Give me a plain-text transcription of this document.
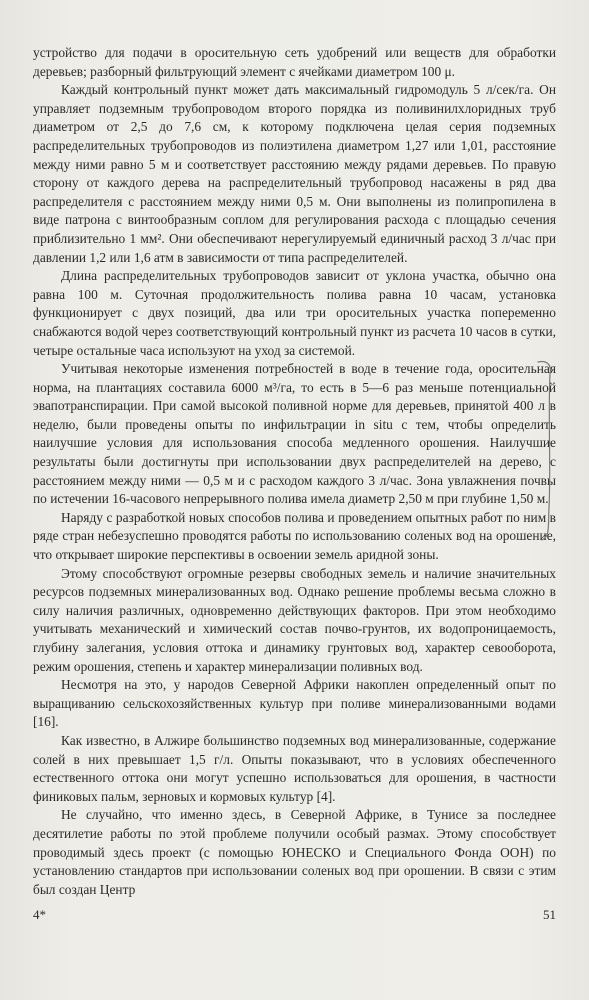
устройство для подачи в оросительную сеть удобрений или веществ для обработки деревьев; разборный фильтрующий элемент с ячейками диаметром 100 μ.

Каждый контрольный пункт может дать максимальный гидромодуль 5 л/сек/га. Он управляет подземным трубопроводом второго порядка из поливинилхлоридных труб диаметром от 2,5 до 7,6 см, к которому подключена целая серия подземных распределительных трубопроводов из полиэтилена диаметром 1,27 или 1,01, расстояние между ними равно 5 м и соответствует расстоянию между рядами деревьев. По правую сторону от каждого дерева на распределительный трубопровод насажены в ряд два распределителя с расстоянием между ними 0,5 м. Они выполнены из полипропилена в виде патрона с винтообразным соплом для регулирования расхода с площадью сечения приблизительно 1 мм². Они обеспечивают нерегулируемый единичный расход 3 л/час при давлении 1,2 или 1,6 атм в зависимости от типа распределителей.

Длина распределительных трубопроводов зависит от уклона участка, обычно она равна 100 м. Суточная продолжительность полива равна 10 часам, установка функционирует с двух позиций, два или три оросительных участка попеременно снабжаются водой через соответствующий контрольный пункт из расчета 10 часов в сутки, четыре остальные часа используют на уход за системой.

Учитывая некоторые изменения потребностей в воде в течение года, оросительная норма, на плантациях составила 6000 м³/га, то есть в 5—6 раз меньше потенциальной эвапотранспирации. При самой высокой поливной норме для деревьев, принятой 400 л в неделю, были проведены опыты по инфильтрации in situ с тем, чтобы определить наилучшие условия для использования способа медленного орошения. Наилучшие результаты были достигнуты при использовании двух распределителей на дерево, с расстоянием между ними — 0,5 м и с расходом каждого 3 л/час. Зона увлажнения почвы по истечении 16-часового непрерывного полива имела диаметр 2,50 м при глубине 1,50 м.

Наряду с разработкой новых способов полива и проведением опытных работ по ним в ряде стран небезуспешно проводятся работы по использованию соленых вод на орошение, что открывает широкие перспективы в освоении земель аридной зоны.

Этому способствуют огромные резервы свободных земель и наличие значительных ресурсов подземных минерализованных вод. Однако решение проблемы весьма сложно в силу наличия различных, одновременно действующих факторов. При этом необходимо учитывать механический и химический состав почво-грунтов, их водопроницаемость, глубину залегания, условия оттока и динамику грунтовых вод, характер севооборота, режим орошения, степень и характер минерализации поливных вод.

Несмотря на это, у народов Северной Африки накоплен определенный опыт по выращиванию сельскохозяйственных культур при поливе минерализованными водами [16].

Как известно, в Алжире большинство подземных вод минерализованные, содержание солей в них превышает 1,5 г/л. Опыты показывают, что в условиях обеспеченного естественного оттока они могут успешно использоваться для орошения, в частности финиковых пальм, зерновых и кормовых культур [4].

Не случайно, что именно здесь, в Северной Африке, в Тунисе за последнее десятилетие работы по этой проблеме получили особый размах. Этому способствует проводимый здесь проект (с помощью ЮНЕСКО и Специального Фонда ООН) по установлению стандартов при использовании соленых вод при орошении. В связи с этим был создан Центр

4*	51
